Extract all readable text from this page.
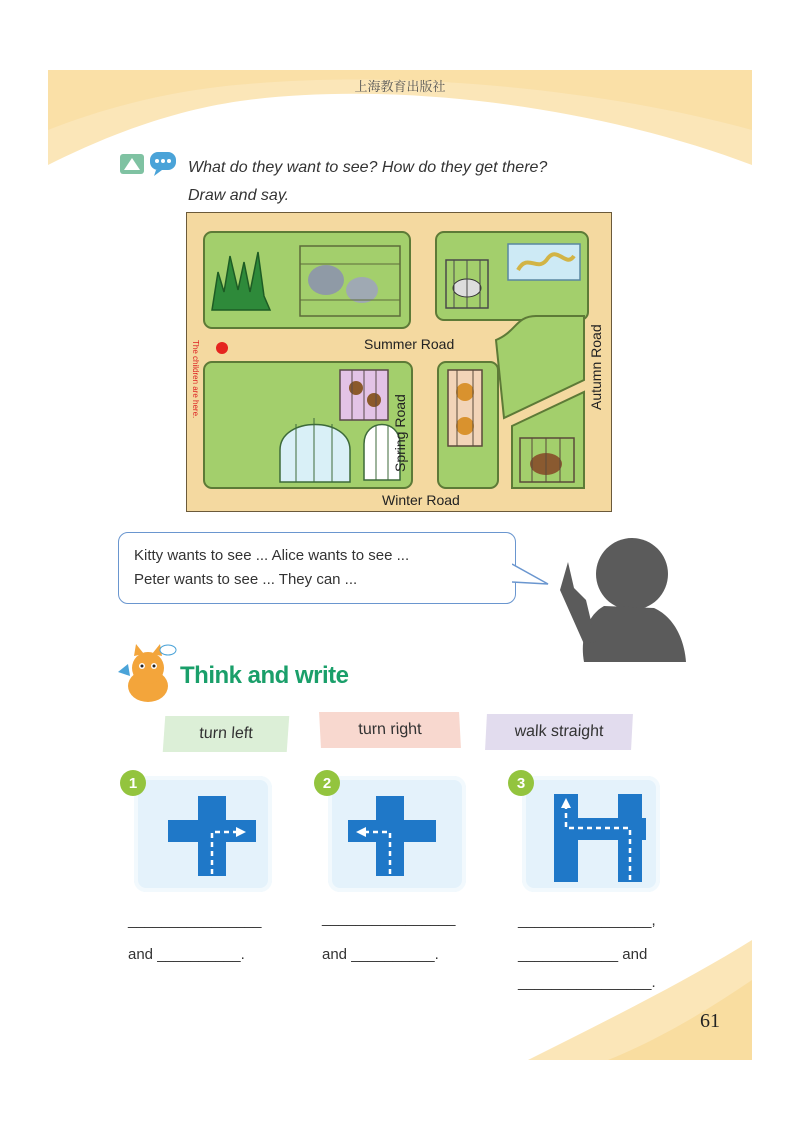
上海教育出版社
What do they want to see? How do they get there?
Draw and say.
Summer Road
Spring Road
Autumn Road
Winter Road
The children are here.
Kitty wants to see ... Alice wants to see ...
Peter wants to see ... They can ...
Think and write
turn left	turn right	walk straight
1	2	3
________________
and __________.
________________
and __________.
________________,
____________ and
________________.
61
